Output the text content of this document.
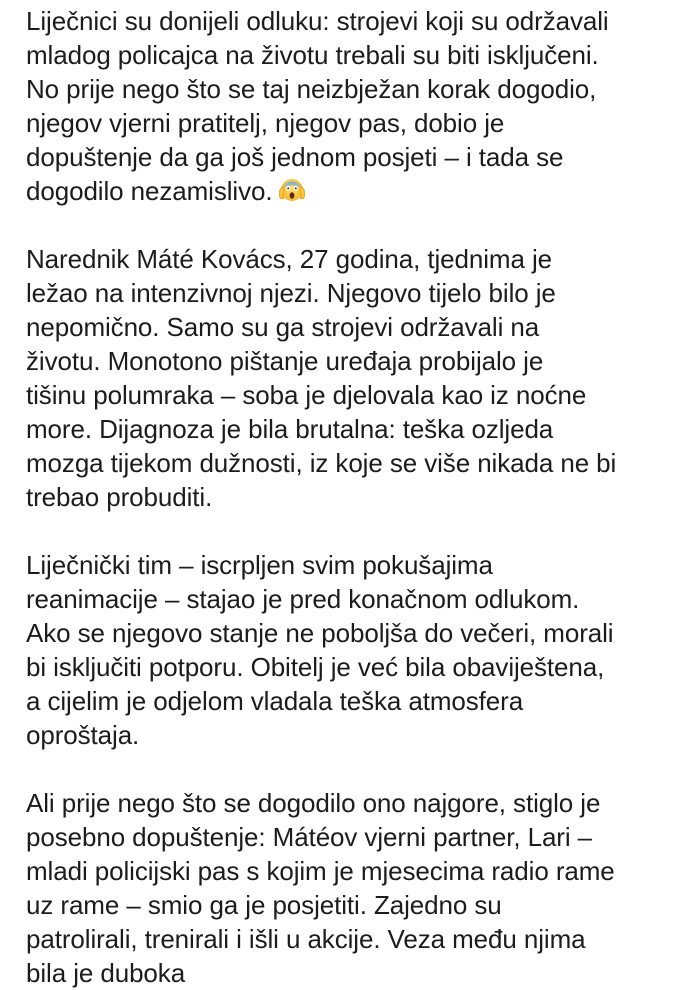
Liječnici su donijeli odluku: strojevi koji su održavali
mladog policajca na životu trebali su biti isključeni.
No prije nego što se taj neizbježan korak dogodio,
njegov vjerni pratitelj, njegov pas, dobio je
dopuštenje da ga još jednom posjeti – i tada se
dogodilo nezamislivo.

Narednik Máté Kovács, 27 godina, tjednima je
ležao na intenzivnoj njezi. Njegovo tijelo bilo je
nepomično. Samo su ga strojevi održavali na
životu. Monotono pištanje uređaja probijalo je
tišinu polumraka – soba je djelovala kao iz noćne
more. Dijagnoza je bila brutalna: teška ozljeda
mozga tijekom dužnosti, iz koje se više nikada ne bi
trebao probuditi.

Liječnički tim – iscrpljen svim pokušajima
reanimacije – stajao je pred konačnom odlukom.
Ako se njegovo stanje ne poboljša do večeri, morali
bi isključiti potporu. Obitelj je već bila obaviještena,
a cijelim je odjelom vladala teška atmosfera
oproštaja.

Ali prije nego što se dogodilo ono najgore, stiglo je
posebno dopuštenje: Mátéov vjerni partner, Lari –
mladi policijski pas s kojim je mjesecima radio rame
uz rame – smio ga je posjetiti. Zajedno su
patrolirali, trenirali i išli u akcije. Veza među njima
bila je duboka
